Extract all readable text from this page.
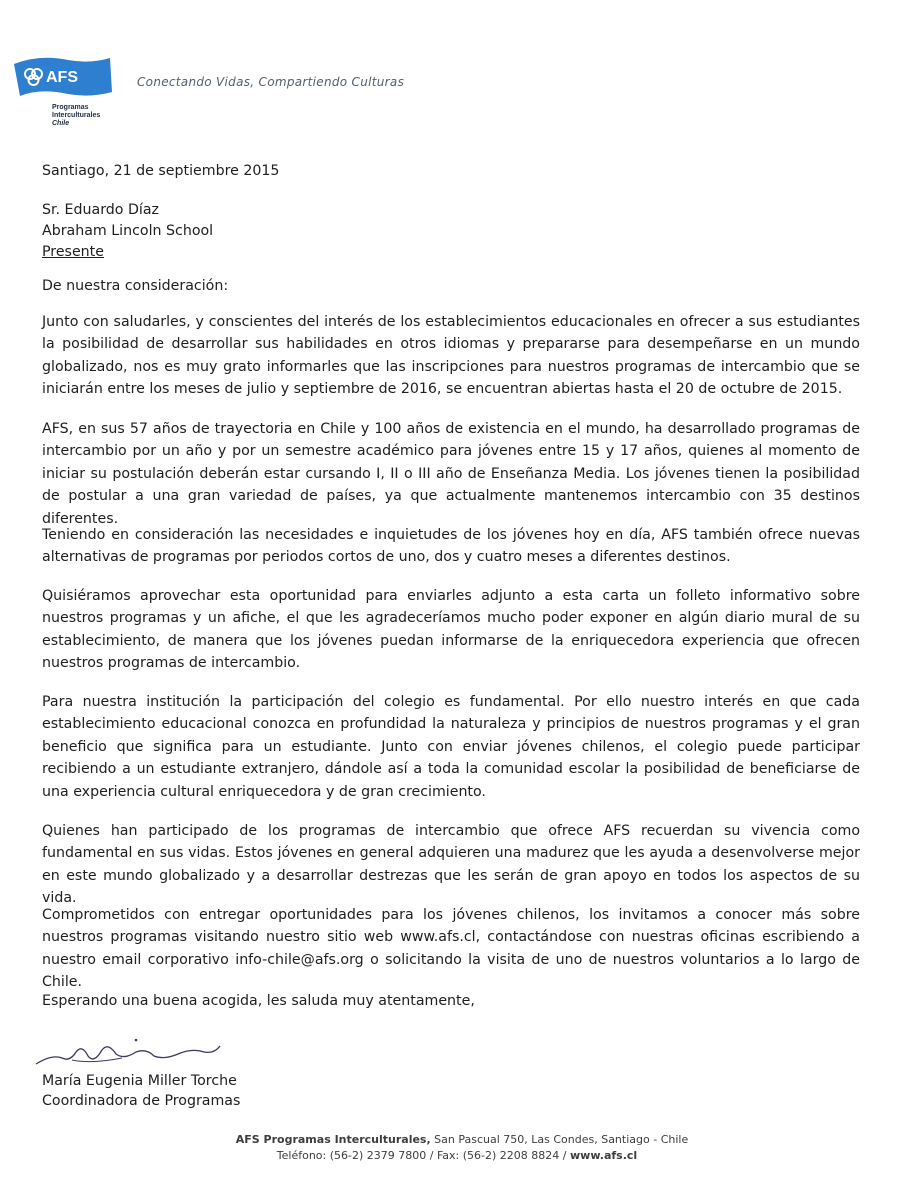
AFS
Programas
Interculturales
Chile
Conectando Vidas, Compartiendo Culturas
Santiago, 21 de septiembre 2015
Sr. Eduardo Díaz
Abraham Lincoln School
Presente
De nuestra consideración:
Junto con saludarles, y conscientes del interés de los establecimientos educacionales en ofrecer a sus estudiantes la posibilidad de desarrollar sus habilidades en otros idiomas y prepararse para desempeñarse en un mundo globalizado, nos es muy grato informarles que las inscripciones para nuestros programas de intercambio que se iniciarán entre los meses de julio y septiembre de 2016, se encuentran abiertas hasta el 20 de octubre de 2015.
AFS, en sus 57 años de trayectoria en Chile y 100 años de existencia en el mundo, ha desarrollado programas de intercambio por un año y por un semestre académico para jóvenes entre 15 y 17 años, quienes al momento de iniciar su postulación deberán estar cursando I, II o III año de Enseñanza Media. Los jóvenes tienen la posibilidad de postular a una gran variedad de países, ya que actualmente mantenemos intercambio con 35 destinos diferentes.
Teniendo en consideración las necesidades e inquietudes de los jóvenes hoy en día, AFS también ofrece nuevas alternativas de programas por periodos cortos de uno, dos y cuatro meses a diferentes destinos.
Quisiéramos aprovechar esta oportunidad para enviarles adjunto a esta carta un folleto informativo sobre nuestros programas y un afiche, el que les agradeceríamos mucho poder exponer en algún diario mural de su establecimiento, de manera que los jóvenes puedan informarse de la enriquecedora experiencia que ofrecen nuestros programas de intercambio.
Para nuestra institución la participación del colegio es fundamental. Por ello nuestro interés en que cada establecimiento educacional conozca en profundidad la naturaleza y principios de nuestros programas y el gran beneficio que significa para un estudiante. Junto con enviar jóvenes chilenos, el colegio puede participar recibiendo a un estudiante extranjero, dándole así a toda la comunidad escolar la posibilidad de beneficiarse de una experiencia cultural enriquecedora y de gran crecimiento.
Quienes han participado de los programas de intercambio que ofrece AFS recuerdan su vivencia como fundamental en sus vidas. Estos jóvenes en general adquieren una madurez que les ayuda a desenvolverse mejor en este mundo globalizado y a desarrollar destrezas que les serán de gran apoyo en todos los aspectos de su vida.
Comprometidos con entregar oportunidades para los jóvenes chilenos, los invitamos a conocer más sobre nuestros programas visitando nuestro sitio web www.afs.cl, contactándose con nuestras oficinas escribiendo a nuestro email corporativo info-chile@afs.org o solicitando la visita de uno de nuestros voluntarios a lo largo de Chile.
Esperando una buena acogida, les saluda muy atentamente,
María Eugenia Miller Torche
Coordinadora de Programas
AFS Programas Interculturales, San Pascual 750, Las Condes, Santiago - Chile
Teléfono: (56-2) 2379 7800 / Fax: (56-2) 2208 8824 / www.afs.cl
